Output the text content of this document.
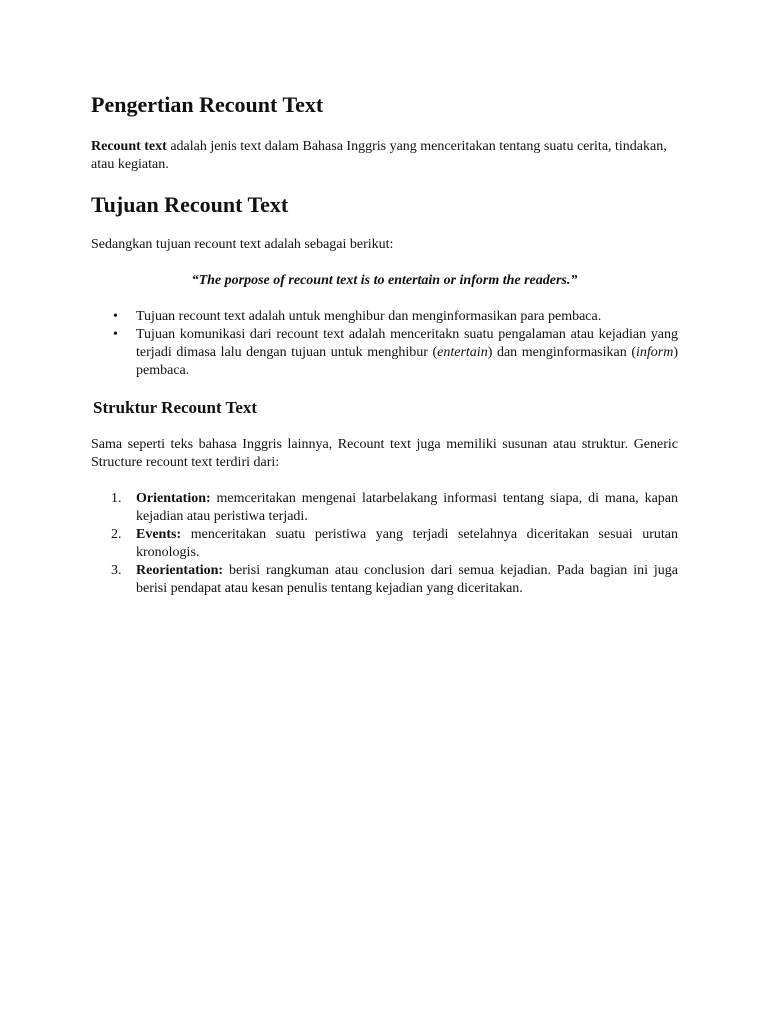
Pengertian Recount Text

Recount text adalah jenis text dalam Bahasa Inggris yang menceritakan tentang suatu cerita, tindakan, atau kegiatan.

Tujuan Recount Text

Sedangkan tujuan recount text adalah sebagai berikut:

“The porpose of recount text is to entertain or inform the readers.”

• Tujuan recount text adalah untuk menghibur dan menginformasikan para pembaca.
• Tujuan komunikasi dari recount text adalah menceritakn suatu pengalaman atau kejadian yang terjadi dimasa lalu dengan tujuan untuk menghibur (entertain) dan menginformasikan (inform) pembaca.
Struktur Recount Text

Sama seperti teks bahasa Inggris lainnya, Recount text juga memiliki susunan atau struktur. Generic Structure recount text terdiri dari:

1. Orientation: memceritakan mengenai latarbelakang informasi tentang siapa, di mana, kapan kejadian atau peristiwa terjadi.
2. Events: menceritakan suatu peristiwa yang terjadi setelahnya diceritakan sesuai urutan kronologis.
3. Reorientation: berisi rangkuman atau conclusion dari semua kejadian. Pada bagian ini juga berisi pendapat atau kesan penulis tentang kejadian yang diceritakan.
